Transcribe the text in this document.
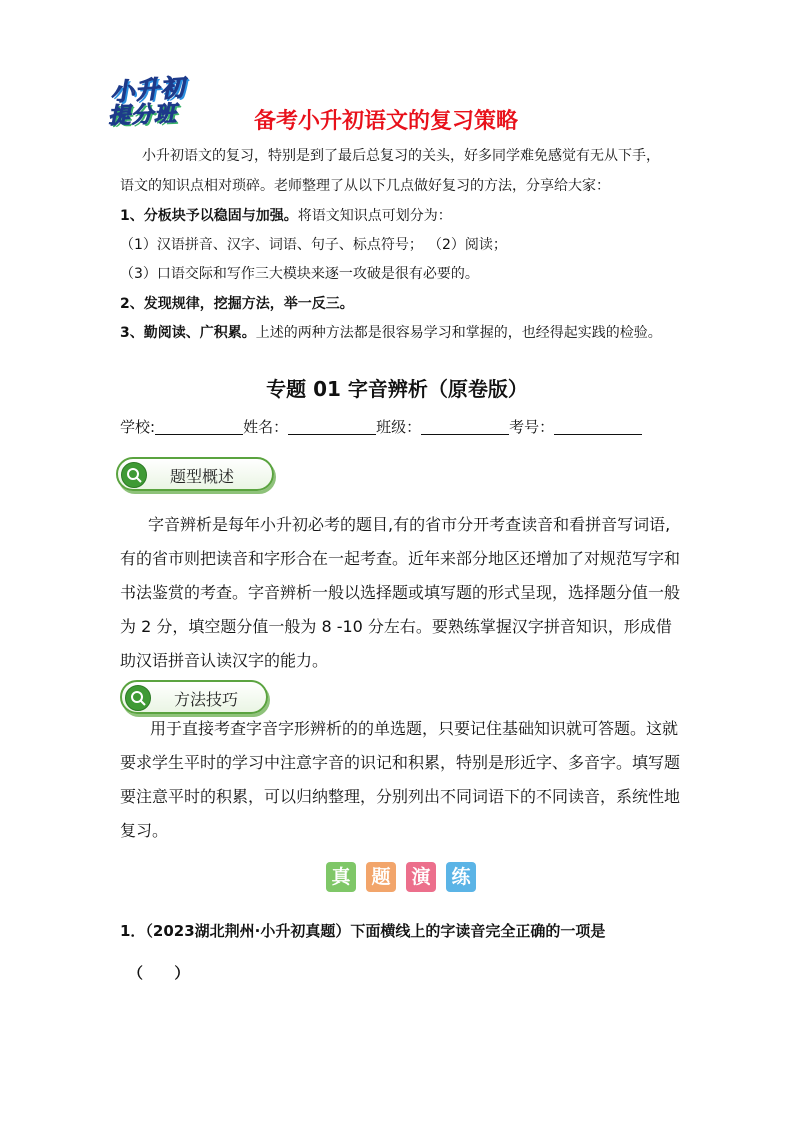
小升初
提分班	备考小升初语文的复习策略
小升初语文的复习，特别是到了最后总复习的关头，好多同学难免感觉有无从下手，
语文的知识点相对琐碎。老师整理了从以下几点做好复习的方法，分享给大家：
1、分板块予以稳固与加强。将语文知识点可划分为：
（1）汉语拼音、汉字、词语、句子、标点符号； （2）阅读；
（3）口语交际和写作三大模块来逐一攻破是很有必要的。
2、发现规律，挖掘方法，举一反三。
3、勤阅读、广积累。上述的两种方法都是很容易学习和掌握的，也经得起实践的检验。
专题 01 字音辨析（原卷版）
学校:	姓名：	班级：	考号：
题型概述
字音辨析是每年小升初必考的题目,有的省市分开考查读音和看拼音写词语,
有的省市则把读音和字形合在一起考查。近年来部分地区还增加了对规范写字和
书法鉴赏的考查。字音辨析一般以选择题或填写题的形式呈现，选择题分值一般
为 2 分，填空题分值一般为 8 -10 分左右。要熟练掌握汉字拼音知识，形成借
助汉语拼音认读汉字的能力。
方法技巧
用于直接考查字音字形辨析的的单选题，只要记住基础知识就可答题。这就
要求学生平时的学习中注意字音的识记和积累，特别是形近字、多音字。填写题
要注意平时的积累，可以归纳整理，分别列出不同词语下的不同读音，系统性地
复习。
真 题 演 练
1．（2023湖北荆州·小升初真题）下面横线上的字读音完全正确的一项是
（      ）
